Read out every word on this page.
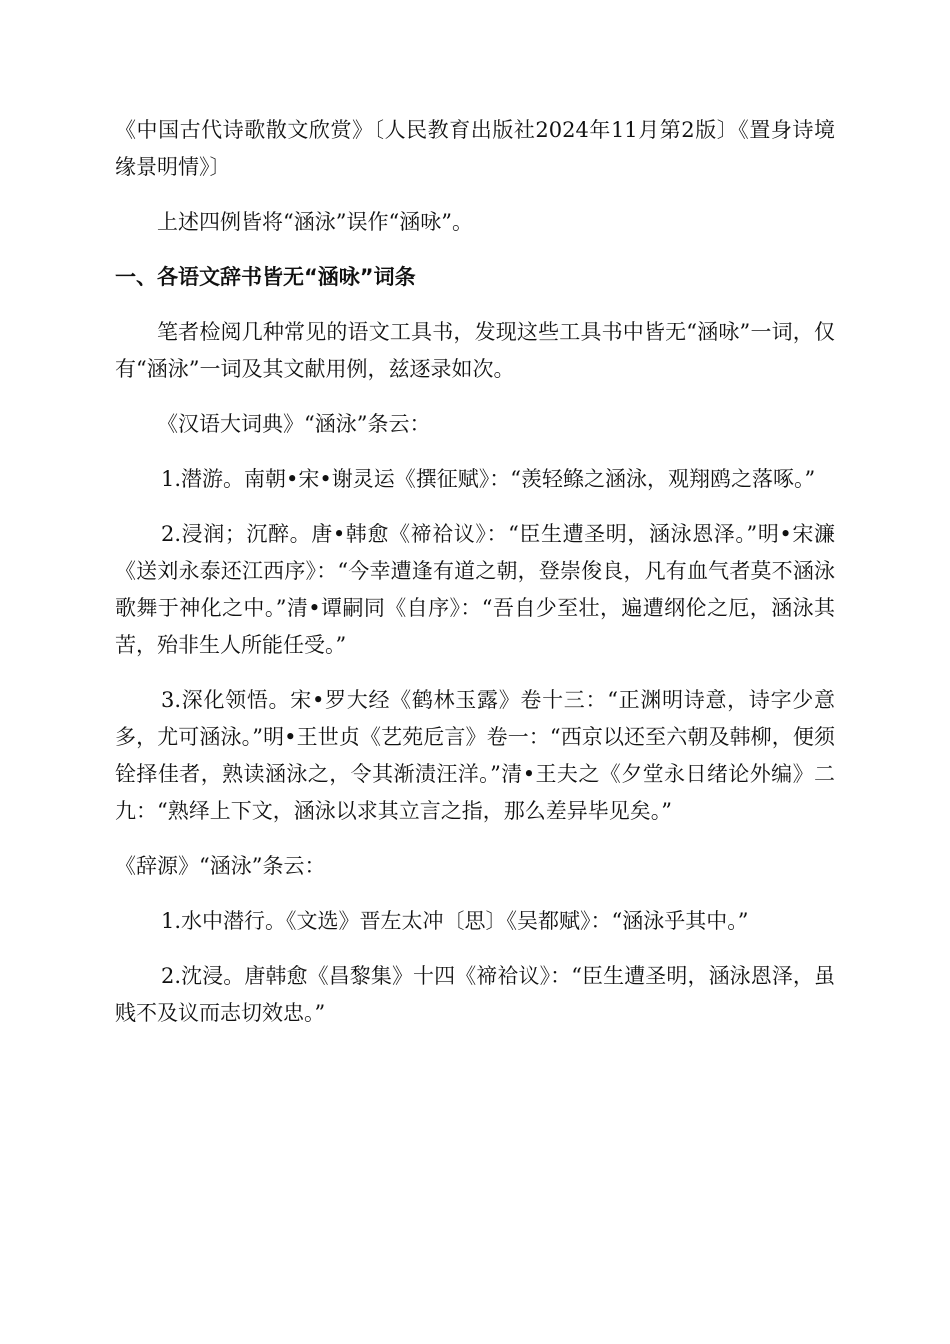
《中国古代诗歌散文欣赏》〔人民教育出版社2024年11月第2版〕《置身诗境缘景明情》〕

上述四例皆将“涵泳”误作“涵咏”。

一、各语文辞书皆无“涵咏”词条

笔者检阅几种常见的语文工具书，发现这些工具书中皆无“涵咏”一词，仅有“涵泳”一词及其文献用例，兹逐录如次。

《汉语大词典》“涵泳”条云：

1.潜游。南朝•宋•谢灵运《撰征赋》：“羡轻鲦之涵泳，观翔鸥之落啄。”

2.浸润；沉醉。唐•韩愈《禘祫议》：“臣生遭圣明，涵泳恩泽。”明•宋濂《送刘永泰还江西序》：“今幸遭逢有道之朝，登崇俊良，凡有血气者莫不涵泳歌舞于神化之中。”清•谭嗣同《自序》：“吾自少至壮，遍遭纲伦之厄，涵泳其苦，殆非生人所能任受。”

3.深化领悟。宋•罗大经《鹤林玉露》卷十三：“正渊明诗意，诗字少意多，尤可涵泳。”明•王世贞《艺苑卮言》卷一：“西京以还至六朝及韩柳，便须铨择佳者，熟读涵泳之，令其渐渍汪洋。”清•王夫之《夕堂永日绪论外编》二九：“熟绎上下文，涵泳以求其立言之指，那么差异毕见矣。”

《辞源》“涵泳”条云：

1.水中潜行。《文选》晋左太冲〔思〕《吴都赋》：“涵泳乎其中。”

2.沈浸。唐韩愈《昌黎集》十四《禘祫议》：“臣生遭圣明，涵泳恩泽，虽贱不及议而志切效忠。”
